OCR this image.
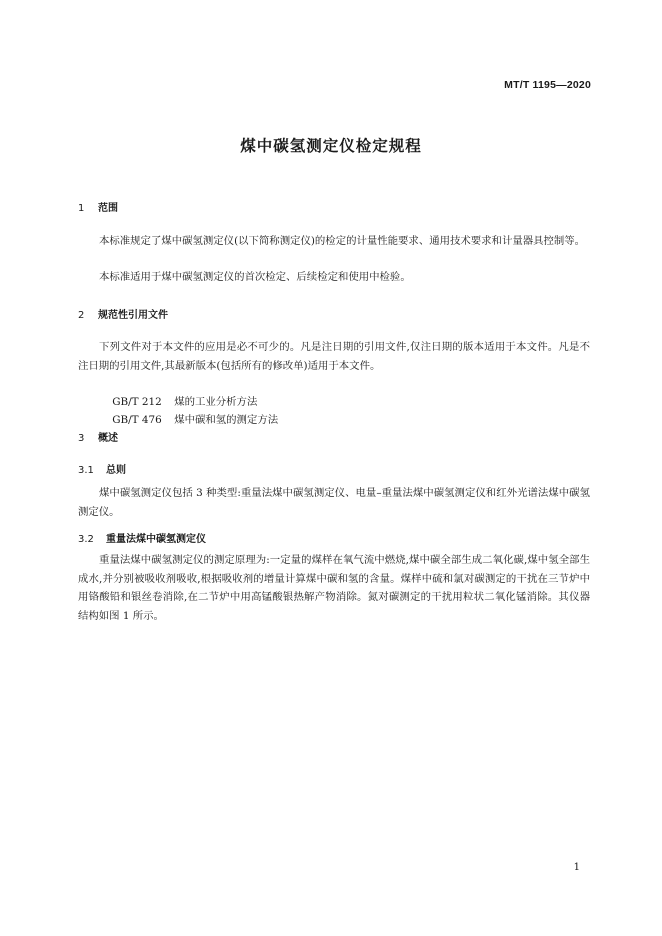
MT/T 1195—2020
煤中碳氢测定仪检定规程
1 范围
本标准规定了煤中碳氢测定仪(以下简称测定仪)的检定的计量性能要求、通用技术要求和计量器具控制等。
本标准适用于煤中碳氢测定仪的首次检定、后续检定和使用中检验。
2 规范性引用文件
下列文件对于本文件的应用是必不可少的。凡是注日期的引用文件,仅注日期的版本适用于本文件。凡是不注日期的引用文件,其最新版本(包括所有的修改单)适用于本文件。

GB/T 212 煤的工业分析方法

GB/T 476 煤中碳和氢的测定方法

3 概述
3.1 总则
煤中碳氢测定仪包括 3 种类型:重量法煤中碳氢测定仪、电量–重量法煤中碳氢测定仪和红外光谱法煤中碳氢测定仪。
3.2 重量法煤中碳氢测定仪
重量法煤中碳氢测定仪的测定原理为:一定量的煤样在氧气流中燃烧,煤中碳全部生成二氧化碳,煤中氢全部生成水,并分别被吸收剂吸收,根据吸收剂的增量计算煤中碳和氢的含量。煤样中硫和氯对碳测定的干扰在三节炉中用铬酸铅和银丝卷消除,在二节炉中用高锰酸银热解产物消除。氮对碳测定的干扰用粒状二氧化锰消除。其仪器结构如图 1 所示。
1
